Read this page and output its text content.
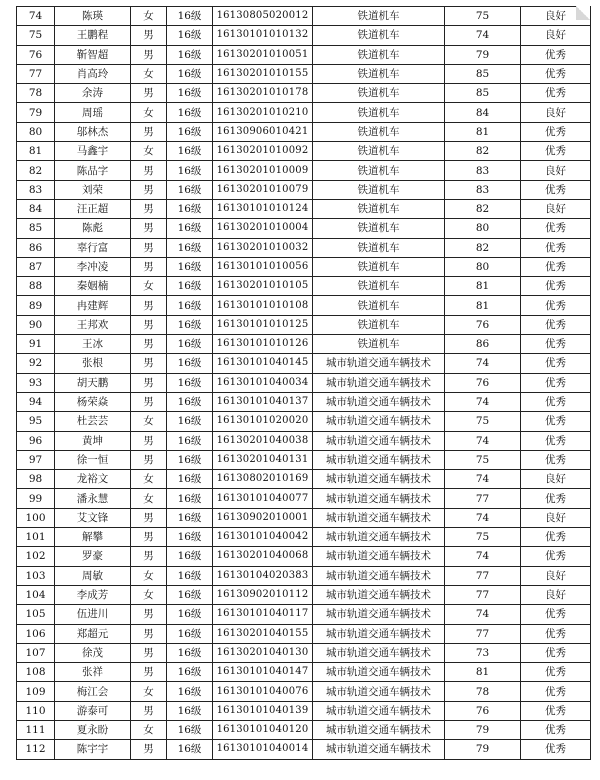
74	陈瑛	女	16级	16130805020012	铁道机车	75	良好
75	王鹏程	男	16级	16130101010132	铁道机车	74	良好
76	靳智超	男	16级	16130201010051	铁道机车	79	优秀
77	肖高玲	女	16级	16130201010155	铁道机车	85	优秀
78	余涛	男	16级	16130201010178	铁道机车	85	优秀
79	周瑶	女	16级	16130201010210	铁道机车	84	良好
80	邬林杰	男	16级	16130906010421	铁道机车	81	优秀
81	马鑫宇	女	16级	16130201010092	铁道机车	82	优秀
82	陈品字	男	16级	16130201010009	铁道机车	83	良好
83	刘荣	男	16级	16130201010079	铁道机车	83	优秀
84	汪正超	男	16级	16130101010124	铁道机车	82	良好
85	陈彪	男	16级	16130201010004	铁道机车	80	优秀
86	辜行富	男	16级	16130201010032	铁道机车	82	优秀
87	李冲凌	男	16级	16130101010056	铁道机车	80	优秀
88	秦姻楠	女	16级	16130201010105	铁道机车	81	优秀
89	冉建辉	男	16级	16130101010108	铁道机车	81	优秀
90	王邦欢	男	16级	16130101010125	铁道机车	76	优秀
91	王冰	男	16级	16130101010126	铁道机车	86	优秀
92	张根	男	16级	16130101040145	城市轨道交通车辆技术	74	优秀
93	胡天鹏	男	16级	16130101040034	城市轨道交通车辆技术	76	优秀
94	杨荣焱	男	16级	16130101040137	城市轨道交通车辆技术	74	优秀
95	杜芸芸	女	16级	16130101020020	城市轨道交通车辆技术	75	优秀
96	黄坤	男	16级	16130201040038	城市轨道交通车辆技术	74	优秀
97	徐一恒	男	16级	16130201040131	城市轨道交通车辆技术	75	优秀
98	龙裕文	女	16级	16130802010169	城市轨道交通车辆技术	74	良好
99	潘永慧	女	16级	16130101040077	城市轨道交通车辆技术	77	优秀
100	艾文锋	男	16级	16130902010001	城市轨道交通车辆技术	74	良好
101	解攀	男	16级	16130101040042	城市轨道交通车辆技术	75	优秀
102	罗豪	男	16级	16130201040068	城市轨道交通车辆技术	74	优秀
103	周敏	女	16级	16130104020383	城市轨道交通车辆技术	77	良好
104	李成芳	女	16级	16130902010112	城市轨道交通车辆技术	77	良好
105	伍进川	男	16级	16130101040117	城市轨道交通车辆技术	74	优秀
106	郑超元	男	16级	16130201040155	城市轨道交通车辆技术	77	优秀
107	徐茂	男	16级	16130201040130	城市轨道交通车辆技术	73	优秀
108	张祥	男	16级	16130101040147	城市轨道交通车辆技术	81	优秀
109	梅江会	女	16级	16130101040076	城市轨道交通车辆技术	78	优秀
110	游泰可	男	16级	16130101040139	城市轨道交通车辆技术	76	优秀
111	夏永盼	女	16级	16130101040120	城市轨道交通车辆技术	79	优秀
112	陈宇宇	男	16级	16130101040014	城市轨道交通车辆技术	79	优秀
